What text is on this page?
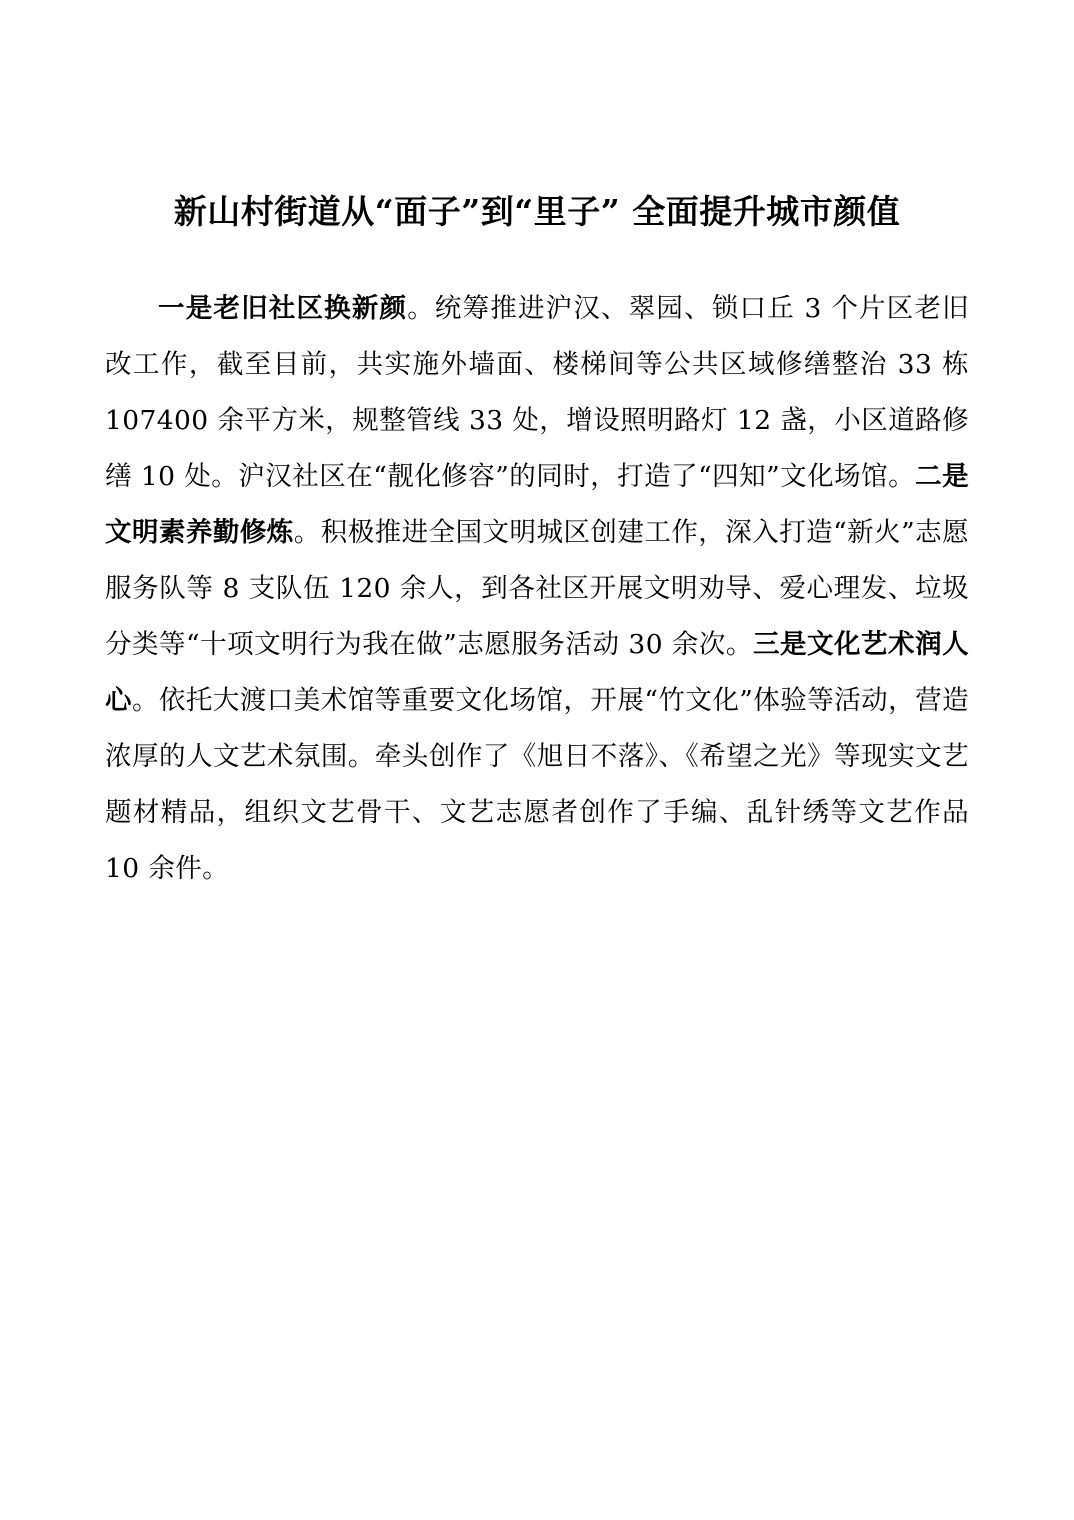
新山村街道从“面子”到“里子” 全面提升城市颜值

一是老旧社区换新颜。统筹推进沪汉、翠园、锁口丘 3 个片区老旧改工作，截至目前，共实施外墙面、楼梯间等公共区域修缮整治 33 栋 107400 余平方米，规整管线 33 处，增设照明路灯 12 盏，小区道路修缮 10 处。沪汉社区在“靓化修容”的同时，打造了“四知”文化场馆。二是文明素养勤修炼。积极推进全国文明城区创建工作，深入打造“新火”志愿服务队等 8 支队伍 120 余人，到各社区开展文明劝导、爱心理发、垃圾分类等“十项文明行为我在做”志愿服务活动 30 余次。三是文化艺术润人心。依托大渡口美术馆等重要文化场馆，开展“竹文化”体验等活动，营造浓厚的人文艺术氛围。牵头创作了《旭日不落》、《希望之光》等现实文艺题材精品，组织文艺骨干、文艺志愿者创作了手编、乱针绣等文艺作品 10 余件。
